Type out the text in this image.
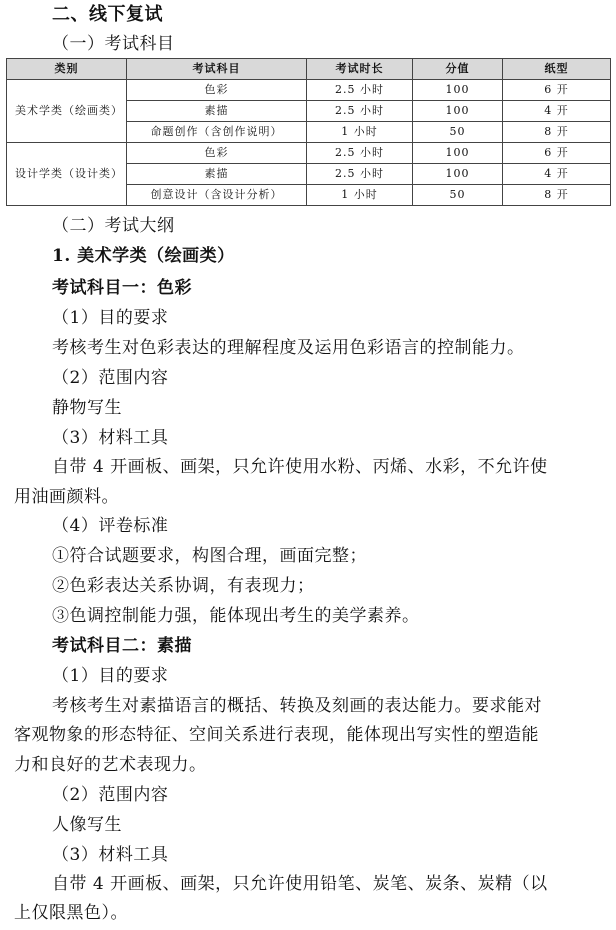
二、线下复试
（一）考试科目
类别	考试科目	考试时长	分值	纸型
美术学类（绘画类）	色彩	2.5 小时	100	6 开
	素描	2.5 小时	100	4 开
	命题创作（含创作说明）	1 小时	50	8 开
设计学类（设计类）	色彩	2.5 小时	100	6 开
	素描	2.5 小时	100	4 开
	创意设计（含设计分析）	1 小时	50	8 开
（二）考试大纲
1. 美术学类（绘画类）
考试科目一：色彩
（1）目的要求
考核考生对色彩表达的理解程度及运用色彩语言的控制能力。
（2）范围内容
静物写生
（3）材料工具
自带 4 开画板、画架，只允许使用水粉、丙烯、水彩，不允许使
用油画颜料。
（4）评卷标准
①符合试题要求，构图合理，画面完整；
②色彩表达关系协调，有表现力；
③色调控制能力强，能体现出考生的美学素养。
考试科目二：素描
（1）目的要求
考核考生对素描语言的概括、转换及刻画的表达能力。要求能对
客观物象的形态特征、空间关系进行表现，能体现出写实性的塑造能
力和良好的艺术表现力。
（2）范围内容
人像写生
（3）材料工具
自带 4 开画板、画架，只允许使用铅笔、炭笔、炭条、炭精（以
上仅限黑色）。
